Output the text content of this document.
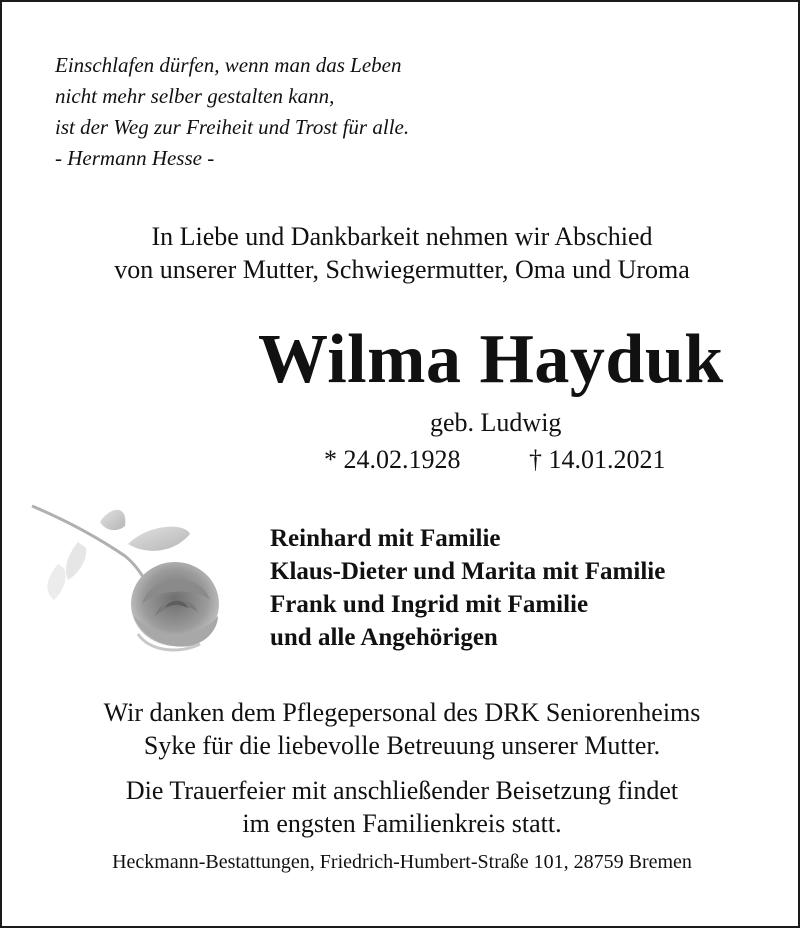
Einschlafen dürfen, wenn man das Leben
nicht mehr selber gestalten kann,
ist der Weg zur Freiheit und Trost für alle.
- Hermann Hesse -
In Liebe und Dankbarkeit nehmen wir Abschied
von unserer Mutter, Schwiegermutter, Oma und Uroma
Wilma Hayduk
geb. Ludwig
* 24.02.1928	† 14.01.2021
Reinhard mit Familie
Klaus-Dieter und Marita mit Familie
Frank und Ingrid mit Familie
und alle Angehörigen
Wir danken dem Pflegepersonal des DRK Seniorenheims
Syke für die liebevolle Betreuung unserer Mutter.
Die Trauerfeier mit anschließender Beisetzung findet
im engsten Familienkreis statt.
Heckmann-Bestattungen, Friedrich-Humbert-Straße 101, 28759 Bremen
